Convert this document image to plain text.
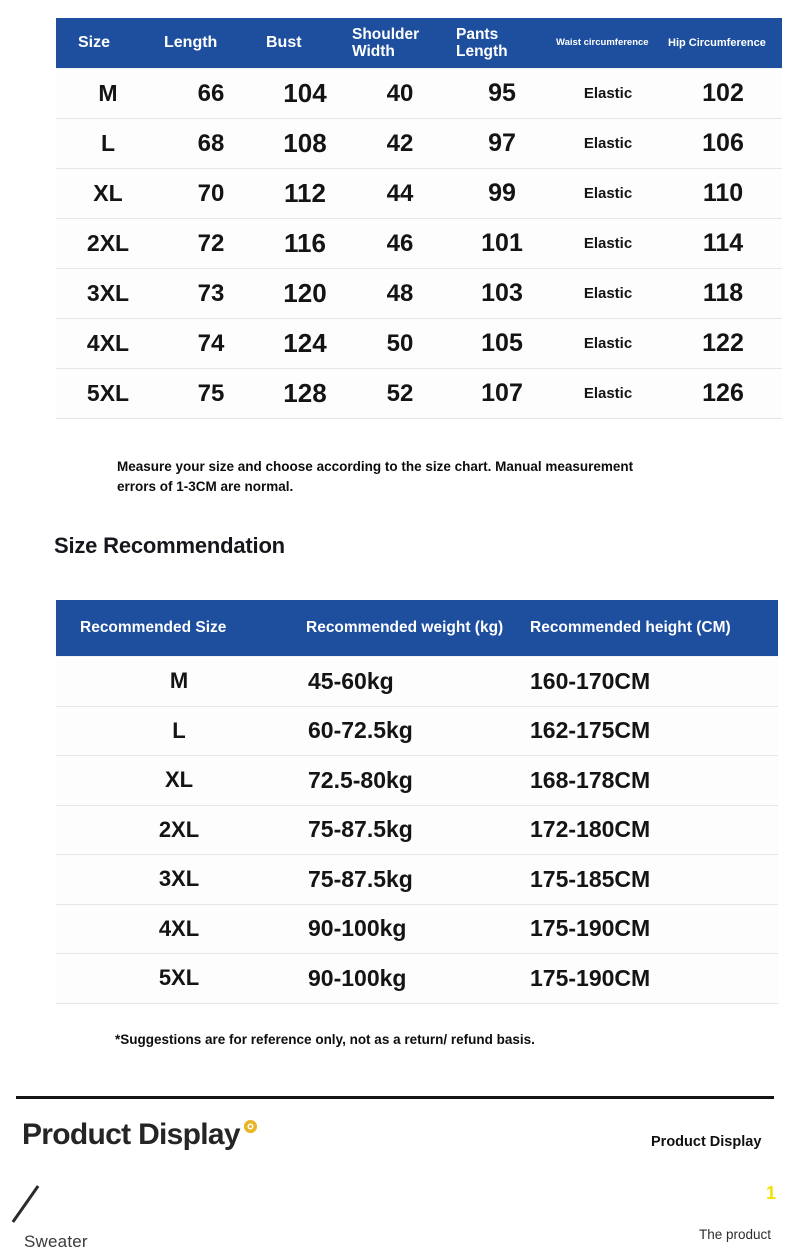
Size	Length	Bust	Shoulder Width	Pants Length	Waist circumference	Hip Circumference
M	66	104	40	95	Elastic	102
L	68	108	42	97	Elastic	106
XL	70	112	44	99	Elastic	110
2XL	72	116	46	101	Elastic	114
3XL	73	120	48	103	Elastic	118
4XL	74	124	50	105	Elastic	122
5XL	75	128	52	107	Elastic	126
Measure your size and choose according to the size chart. Manual measurement errors of 1-3CM are normal.
Size Recommendation
Recommended Size	Recommended weight (kg)	Recommended height (CM)
M	45-60kg	160-170CM
L	60-72.5kg	162-175CM
XL	72.5-80kg	168-178CM
2XL	75-87.5kg	172-180CM
3XL	75-87.5kg	175-185CM
4XL	90-100kg	175-190CM
5XL	90-100kg	175-190CM
*Suggestions are for reference only, not as a return/ refund basis.
Product Display
Sweater
Product Display
1
The product
